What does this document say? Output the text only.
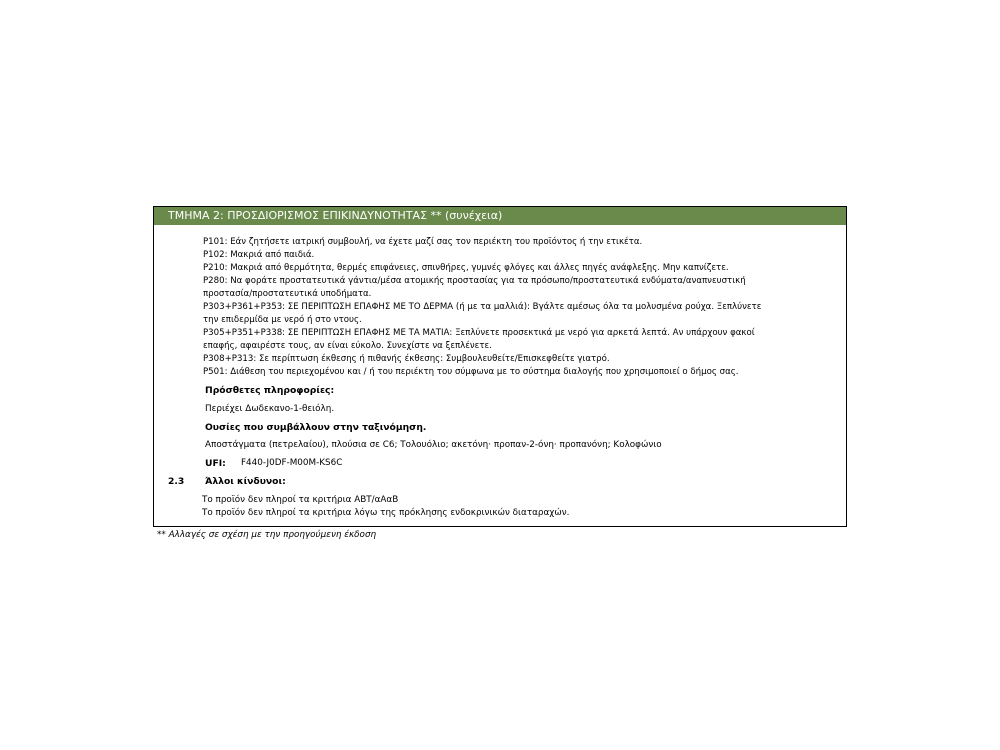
ΤΜΗΜΑ 2: ΠΡΟΣΔΙΟΡΙΣΜΟΣ ΕΠΙΚΙΝΔΥΝΟΤΗΤΑΣ ** (συνέχεια)
P101: Εάν ζητήσετε ιατρική συμβουλή, να έχετε μαζί σας τον περιέκτη του προϊόντος ή την ετικέτα.
P102: Μακριά από παιδιά.
P210: Μακριά από θερμότητα, θερμές επιφάνειες, σπινθήρες, γυμνές φλόγες και άλλες πηγές ανάφλεξης. Μην καπνίζετε.
P280: Να φοράτε προστατευτικά γάντια/μέσα ατομικής προστασίας για τα πρόσωπο/προστατευτικά ενδύματα/αναπνευστική
προστασία/προστατευτικά υποδήματα.
P303+P361+P353: ΣΕ ΠΕΡΙΠΤΩΣΗ ΕΠΑΦΗΣ ΜΕ ΤΟ ΔΕΡΜΑ (ή με τα μαλλιά): Βγάλτε αμέσως όλα τα μολυσμένα ρούχα. Ξεπλύνετε
την επιδερμίδα με νερό ή στο ντους.
P305+P351+P338: ΣΕ ΠΕΡΙΠΤΩΣΗ ΕΠΑΦΗΣ ΜΕ ΤΑ ΜΑΤΙΑ: Ξεπλύνετε προσεκτικά με νερό για αρκετά λεπτά. Αν υπάρχουν φακοί
επαφής, αφαιρέστε τους, αν είναι εύκολο. Συνεχίστε να ξεπλένετε.
P308+P313: Σε περίπτωση έκθεσης ή πιθανής έκθεσης: Συμβουλευθείτε/Επισκεφθείτε γιατρό.
P501: Διάθεση του περιεχομένου και / ή του περιέκτη του σύμφωνα με το σύστημα διαλογής που χρησιμοποιεί ο δήμος σας.
Πρόσθετες πληροφορίες:
Περιέχει Δωδεκανο-1-θειόλη.
Ουσίες που συμβάλλουν στην ταξινόμηση.
Αποστάγματα (πετρελαίου), πλούσια σε C6; Τολουόλιο; ακετόνη· προπαν-2-όνη· προπανόνη; Κολοφώνιο
UFI: F440-J0DF-M00M-KS6C
2.3 Άλλοι κίνδυνοι:
Το προϊόν δεν πληροί τα κριτήρια ΑΒΤ/αΑαΒ
Το προϊόν δεν πληροί τα κριτήρια λόγω της πρόκλησης ενδοκρινικών διαταραχών.
** Αλλαγές σε σχέση με την προηγούμενη έκδοση
